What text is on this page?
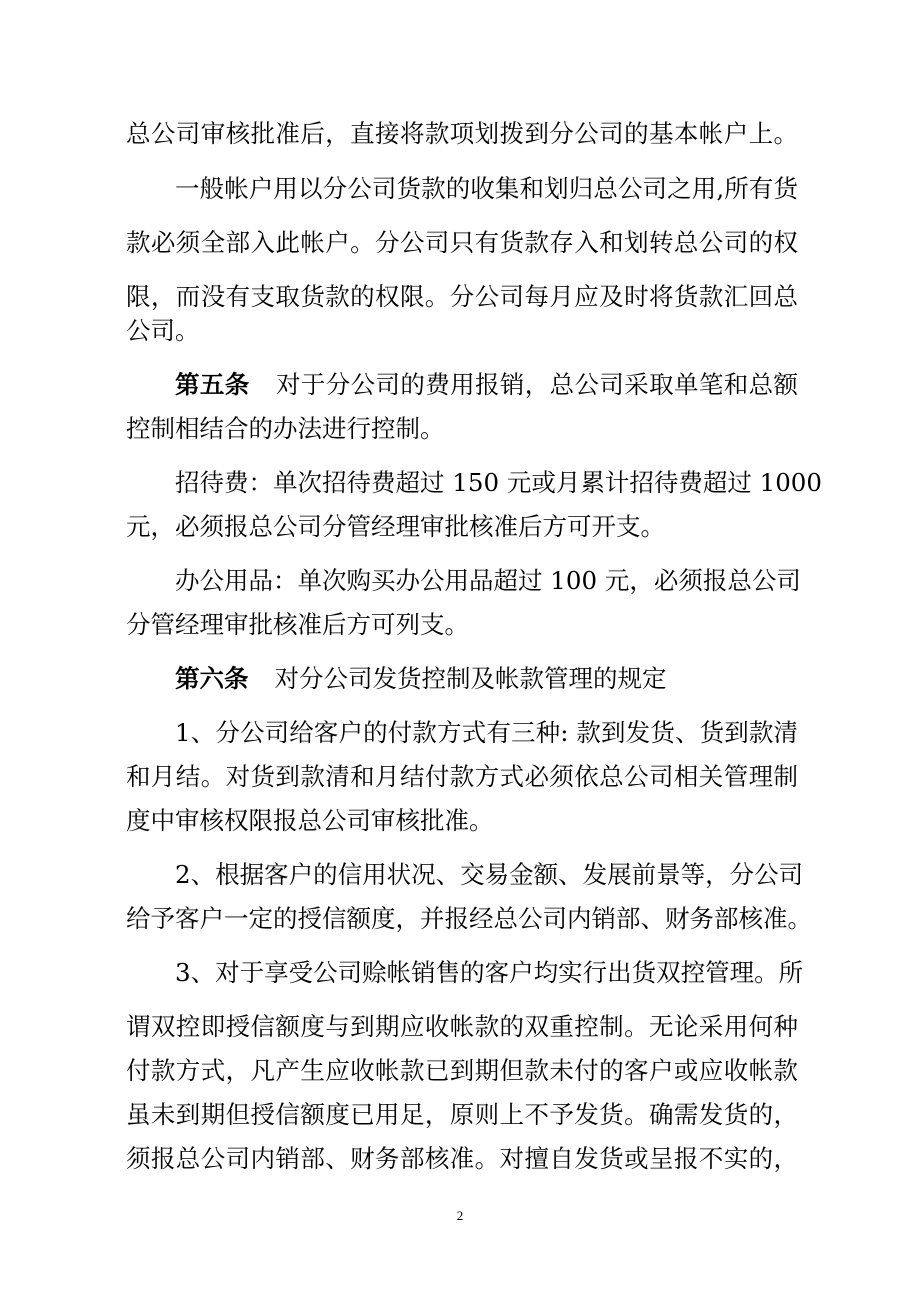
总公司审核批准后，直接将款项划拨到分公司的基本帐户上。
一般帐户用以分公司货款的收集和划归总公司之用,所有货
款必须全部入此帐户。分公司只有货款存入和划转总公司的权
限，而没有支取货款的权限。分公司每月应及时将货款汇回总
公司。
第五条 对于分公司的费用报销，总公司采取单笔和总额
控制相结合的办法进行控制。
招待费：单次招待费超过 150 元或月累计招待费超过 1000
元，必须报总公司分管经理审批核准后方可开支。
办公用品：单次购买办公用品超过 100 元，必须报总公司
分管经理审批核准后方可列支。
第六条 对分公司发货控制及帐款管理的规定
1、分公司给客户的付款方式有三种: 款到发货、货到款清
和月结。对货到款清和月结付款方式必须依总公司相关管理制
度中审核权限报总公司审核批准。
2、根据客户的信用状况、交易金额、发展前景等，分公司
给予客户一定的授信额度，并报经总公司内销部、财务部核准。
3、对于享受公司赊帐销售的客户均实行出货双控管理。所
谓双控即授信额度与到期应收帐款的双重控制。无论采用何种
付款方式，凡产生应收帐款已到期但款未付的客户或应收帐款
虽未到期但授信额度已用足，原则上不予发货。确需发货的，
须报总公司内销部、财务部核准。对擅自发货或呈报不实的，
2
